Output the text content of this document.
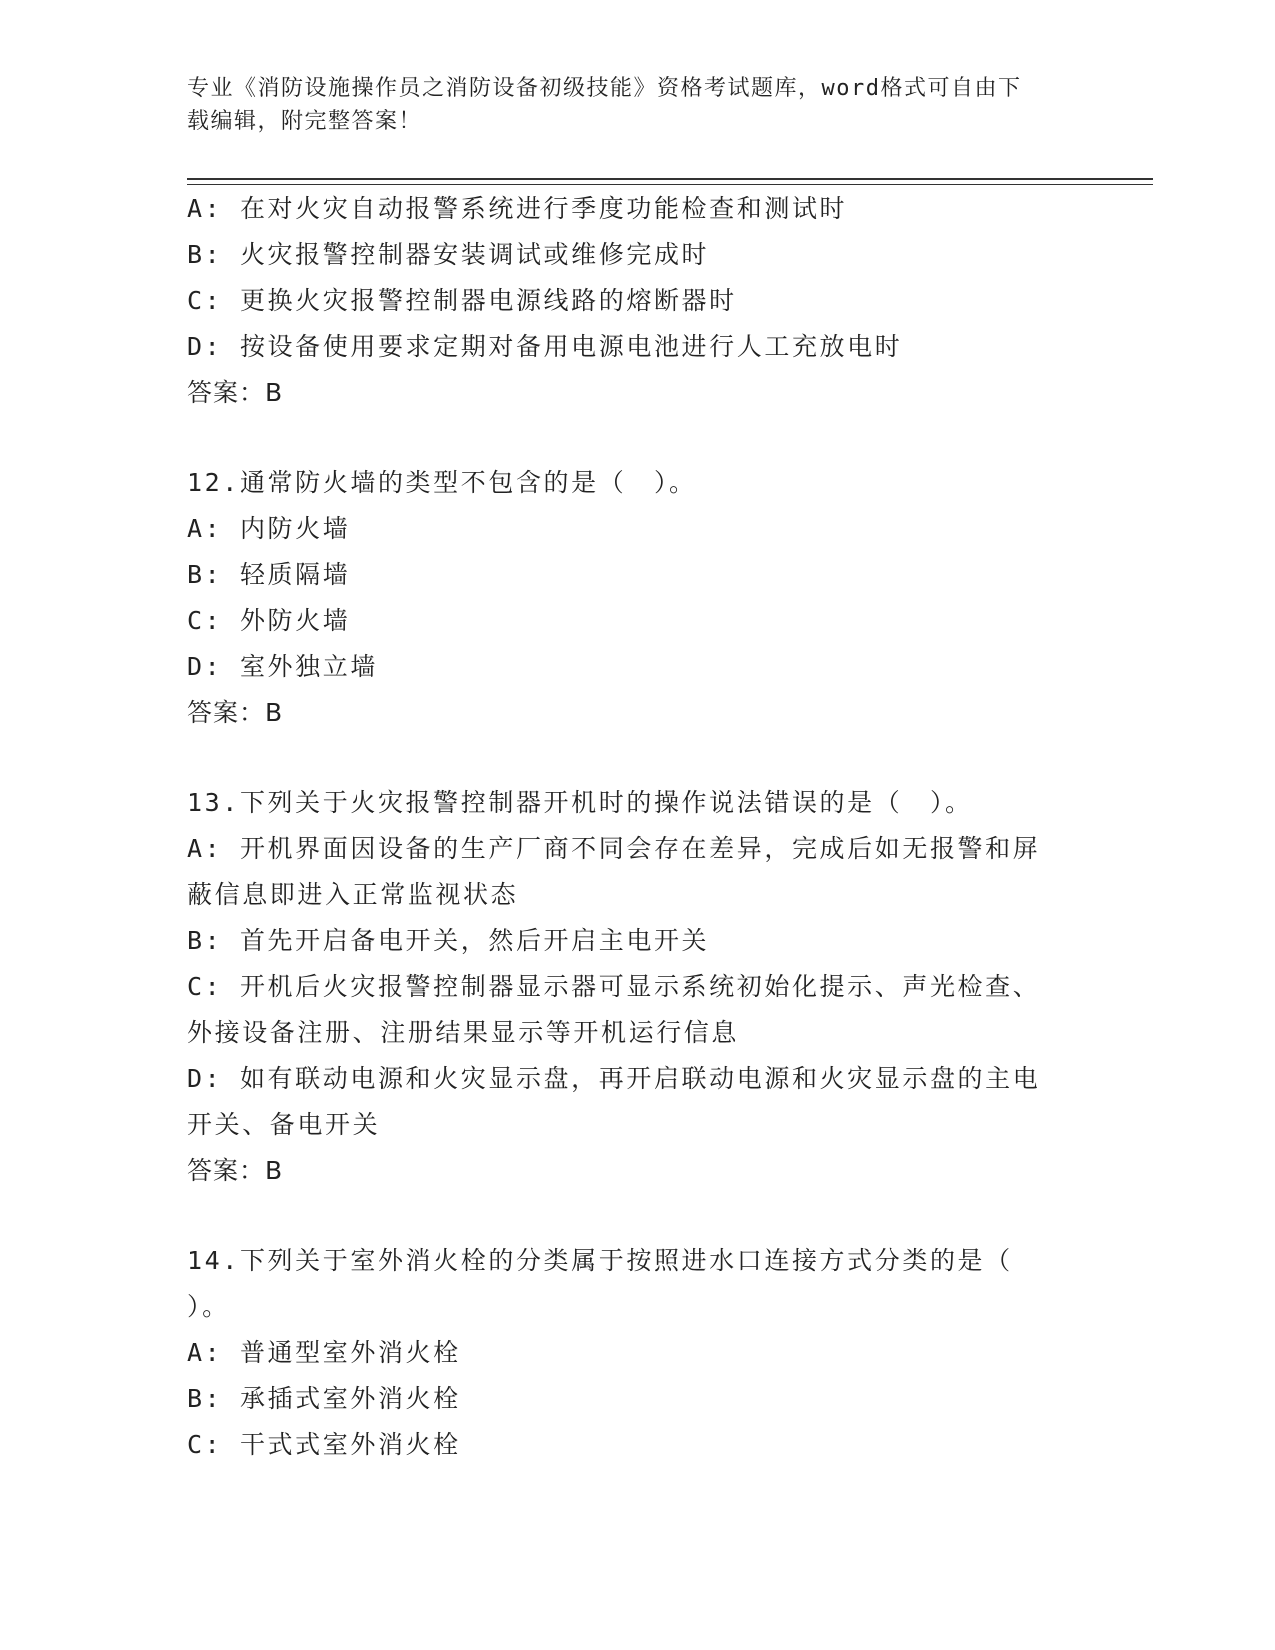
专业《消防设施操作员之消防设备初级技能》资格考试题库，word格式可自由下
载编辑，附完整答案！
A: 在对火灾自动报警系统进行季度功能检查和测试时
B: 火灾报警控制器安装调试或维修完成时
C: 更换火灾报警控制器电源线路的熔断器时
D: 按设备使用要求定期对备用电源电池进行人工充放电时
答案：B
12.通常防火墙的类型不包含的是（　）。
A: 内防火墙
B: 轻质隔墙
C: 外防火墙
D: 室外独立墙
答案：B
13.下列关于火灾报警控制器开机时的操作说法错误的是（　）。
A: 开机界面因设备的生产厂商不同会存在差异，完成后如无报警和屏
蔽信息即进入正常监视状态
B: 首先开启备电开关，然后开启主电开关
C: 开机后火灾报警控制器显示器可显示系统初始化提示、声光检查、
外接设备注册、注册结果显示等开机运行信息
D: 如有联动电源和火灾显示盘，再开启联动电源和火灾显示盘的主电
开关、备电开关
答案：B
14.下列关于室外消火栓的分类属于按照进水口连接方式分类的是（
）。
A: 普通型室外消火栓
B: 承插式室外消火栓
C: 干式式室外消火栓
